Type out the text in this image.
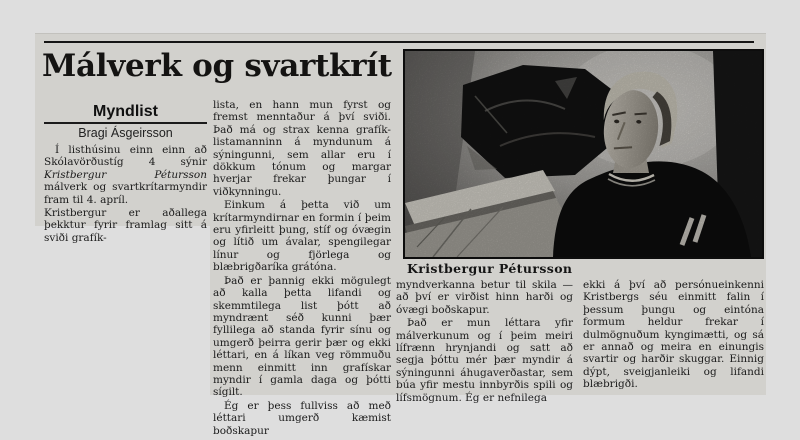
Málverk og svartkrít
Myndlist
Bragi Ásgeirsson

Í listhúsinu einn einn að Skólavörðustíg 4 sýnir Kristbergur Pétursson málverk og svartkrítarmyndir fram til 4. apríl.

Kristbergur er aðallega þekktur fyrir framlag sitt á sviði grafík-

lista, en hann mun fyrst og fremst menntaður á því sviði. Það má og strax kenna grafík- listamanninn á myndunum á sýningunni, sem allar eru í dökkum tónum og margar hverjar frekar þungar í viðkynningu.

Einkum á þetta við um krítarmyndirnar en formin í þeim eru yfirleitt þung, stíf og óvægin og lítið um ávalar, spengilegar línur og fjörlega og blæbrigðaríka grátóna.

Það er þannig ekki mögulegt að kalla þetta lifandi og skemmtilega list þótt að myndrænt séð kunni þær fyllilega að standa fyrir sínu og umgerð þeirra gerir þær og ekki léttari, en á líkan veg römmuðu menn einmitt inn grafískar myndir í gamla daga og þótti sígilt.

Ég er þess fullviss að með léttari umgerð kæmist boðskapur

Kristbergur Pétursson

myndverkanna betur til skila — að því er virðist hinn harði og óvægi boðskapur.

Það er mun léttara yfir málverkunum og í þeim meiri lífrænn hrynjandi og satt að segja þóttu mér þær myndir á sýningunni áhugaverðastar, sem búa yfir mestu innbyrðis spili og lífsmögnum. Ég er nefnilega

ekki á því að persónueinkenni Kristbergs séu einmitt falin í þessum þungu og eintóna formum heldur frekar í dulmögnuðum kyngimætti, og sá er annað og meira en einungis svartir og harðir skuggar. Einnig dýpt, sveigjanleiki og lifandi blæbrigði.
